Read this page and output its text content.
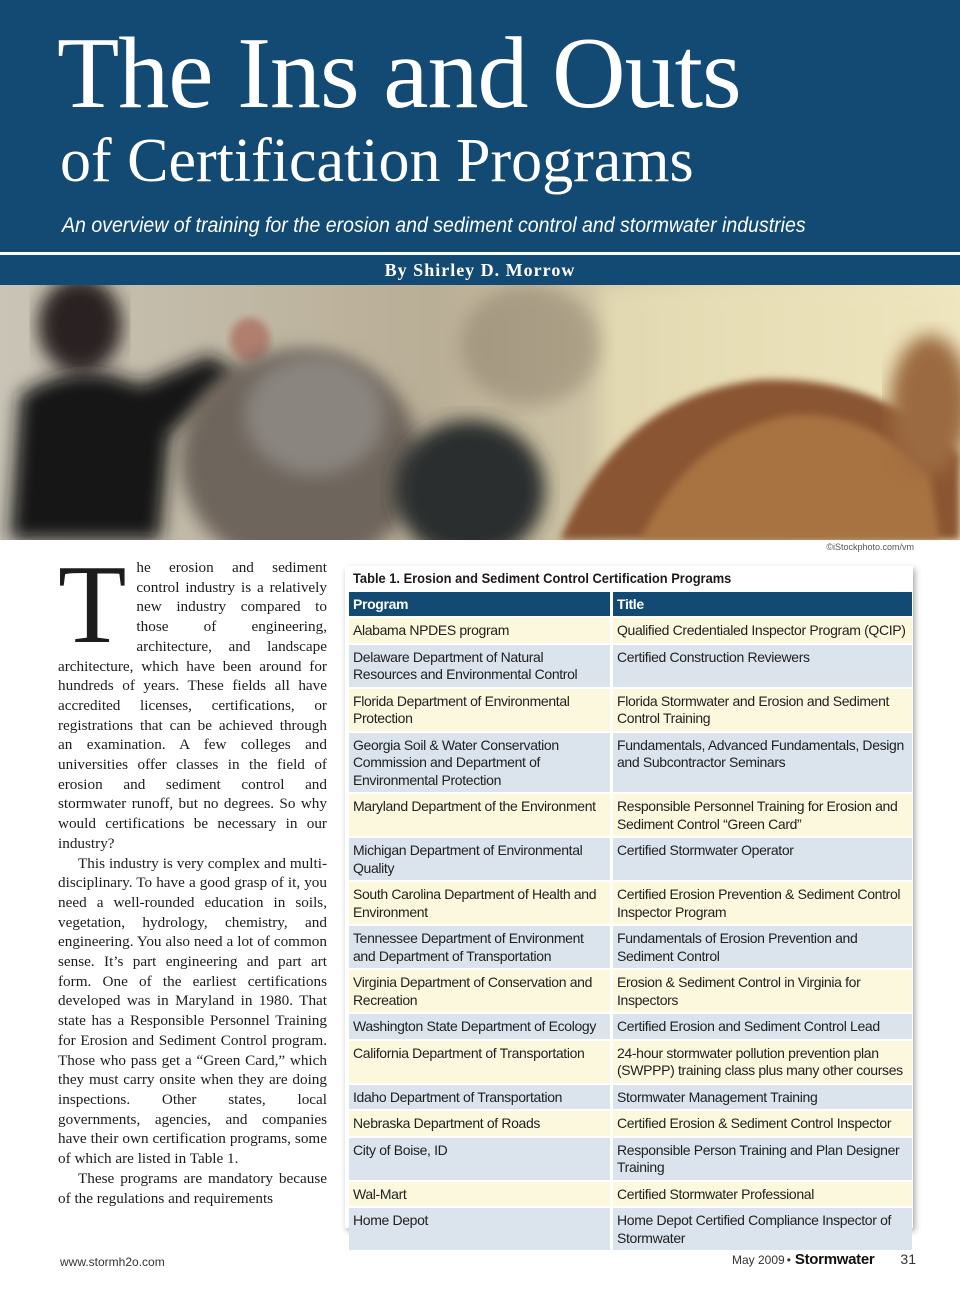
The Ins and Outs
of Certification Programs

An overview of training for the erosion and sediment control and stormwater industries

By Shirley D. Morrow
©iStockphoto.com/vm

The erosion and sediment control industry is a relatively new industry compared to those of engineering, architecture, and landscape architecture, which have been around for hundreds of years. These fields all have accredited licenses, certifications, or registrations that can be achieved through an examination. A few colleges and universities offer classes in the field of erosion and sediment control and stormwater runoff, but no degrees. So why would certifications be necessary in our industry?

This industry is very complex and multi-disciplinary. To have a good grasp of it, you need a well-rounded education in soils, vegetation, hydrology, chemistry, and engineering. You also need a lot of common sense. It’s part engineering and part art form. One of the earliest certifications developed was in Maryland in 1980. That state has a Responsible Personnel Training for Erosion and Sediment Control program. Those who pass get a “Green Card,” which they must carry onsite when they are doing inspections. Other states, local governments, agencies, and companies have their own certification programs, some of which are listed in Table 1.

These programs are mandatory because of the regulations and requirements

Table 1. Erosion and Sediment Control Certification Programs
Program	Title
Alabama NPDES program	Qualified Credentialed Inspector Program (QCIP)
Delaware Department of Natural Resources and Environmental Control	Certified Construction Reviewers
Florida Department of Environmental Protection	Florida Stormwater and Erosion and Sediment Control Training
Georgia Soil & Water Conservation Commission and Department of Environmental Protection	Fundamentals, Advanced Fundamentals, Design and Subcontractor Seminars
Maryland Department of the Environment	Responsible Personnel Training for Erosion and Sediment Control “Green Card”
Michigan Department of Environmental Quality	Certified Stormwater Operator
South Carolina Department of Health and Environment	Certified Erosion Prevention & Sediment Control Inspector Program
Tennessee Department of Environment and Department of Transportation	Fundamentals of Erosion Prevention and Sediment Control
Virginia Department of Conservation and Recreation	Erosion & Sediment Control in Virginia for Inspectors
Washington State Department of Ecology	Certified Erosion and Sediment Control Lead
California Department of Transportation	24-hour stormwater pollution prevention plan (SWPPP) training class plus many other courses
Idaho Department of Transportation	Stormwater Management Training
Nebraska Department of Roads	Certified Erosion & Sediment Control Inspector
City of Boise, ID	Responsible Person Training and Plan Designer Training
Wal-Mart	Certified Stormwater Professional
Home Depot	Home Depot Certified Compliance Inspector of Stormwater
www.stormh2o.com	May 2009 • Stormwater 31
